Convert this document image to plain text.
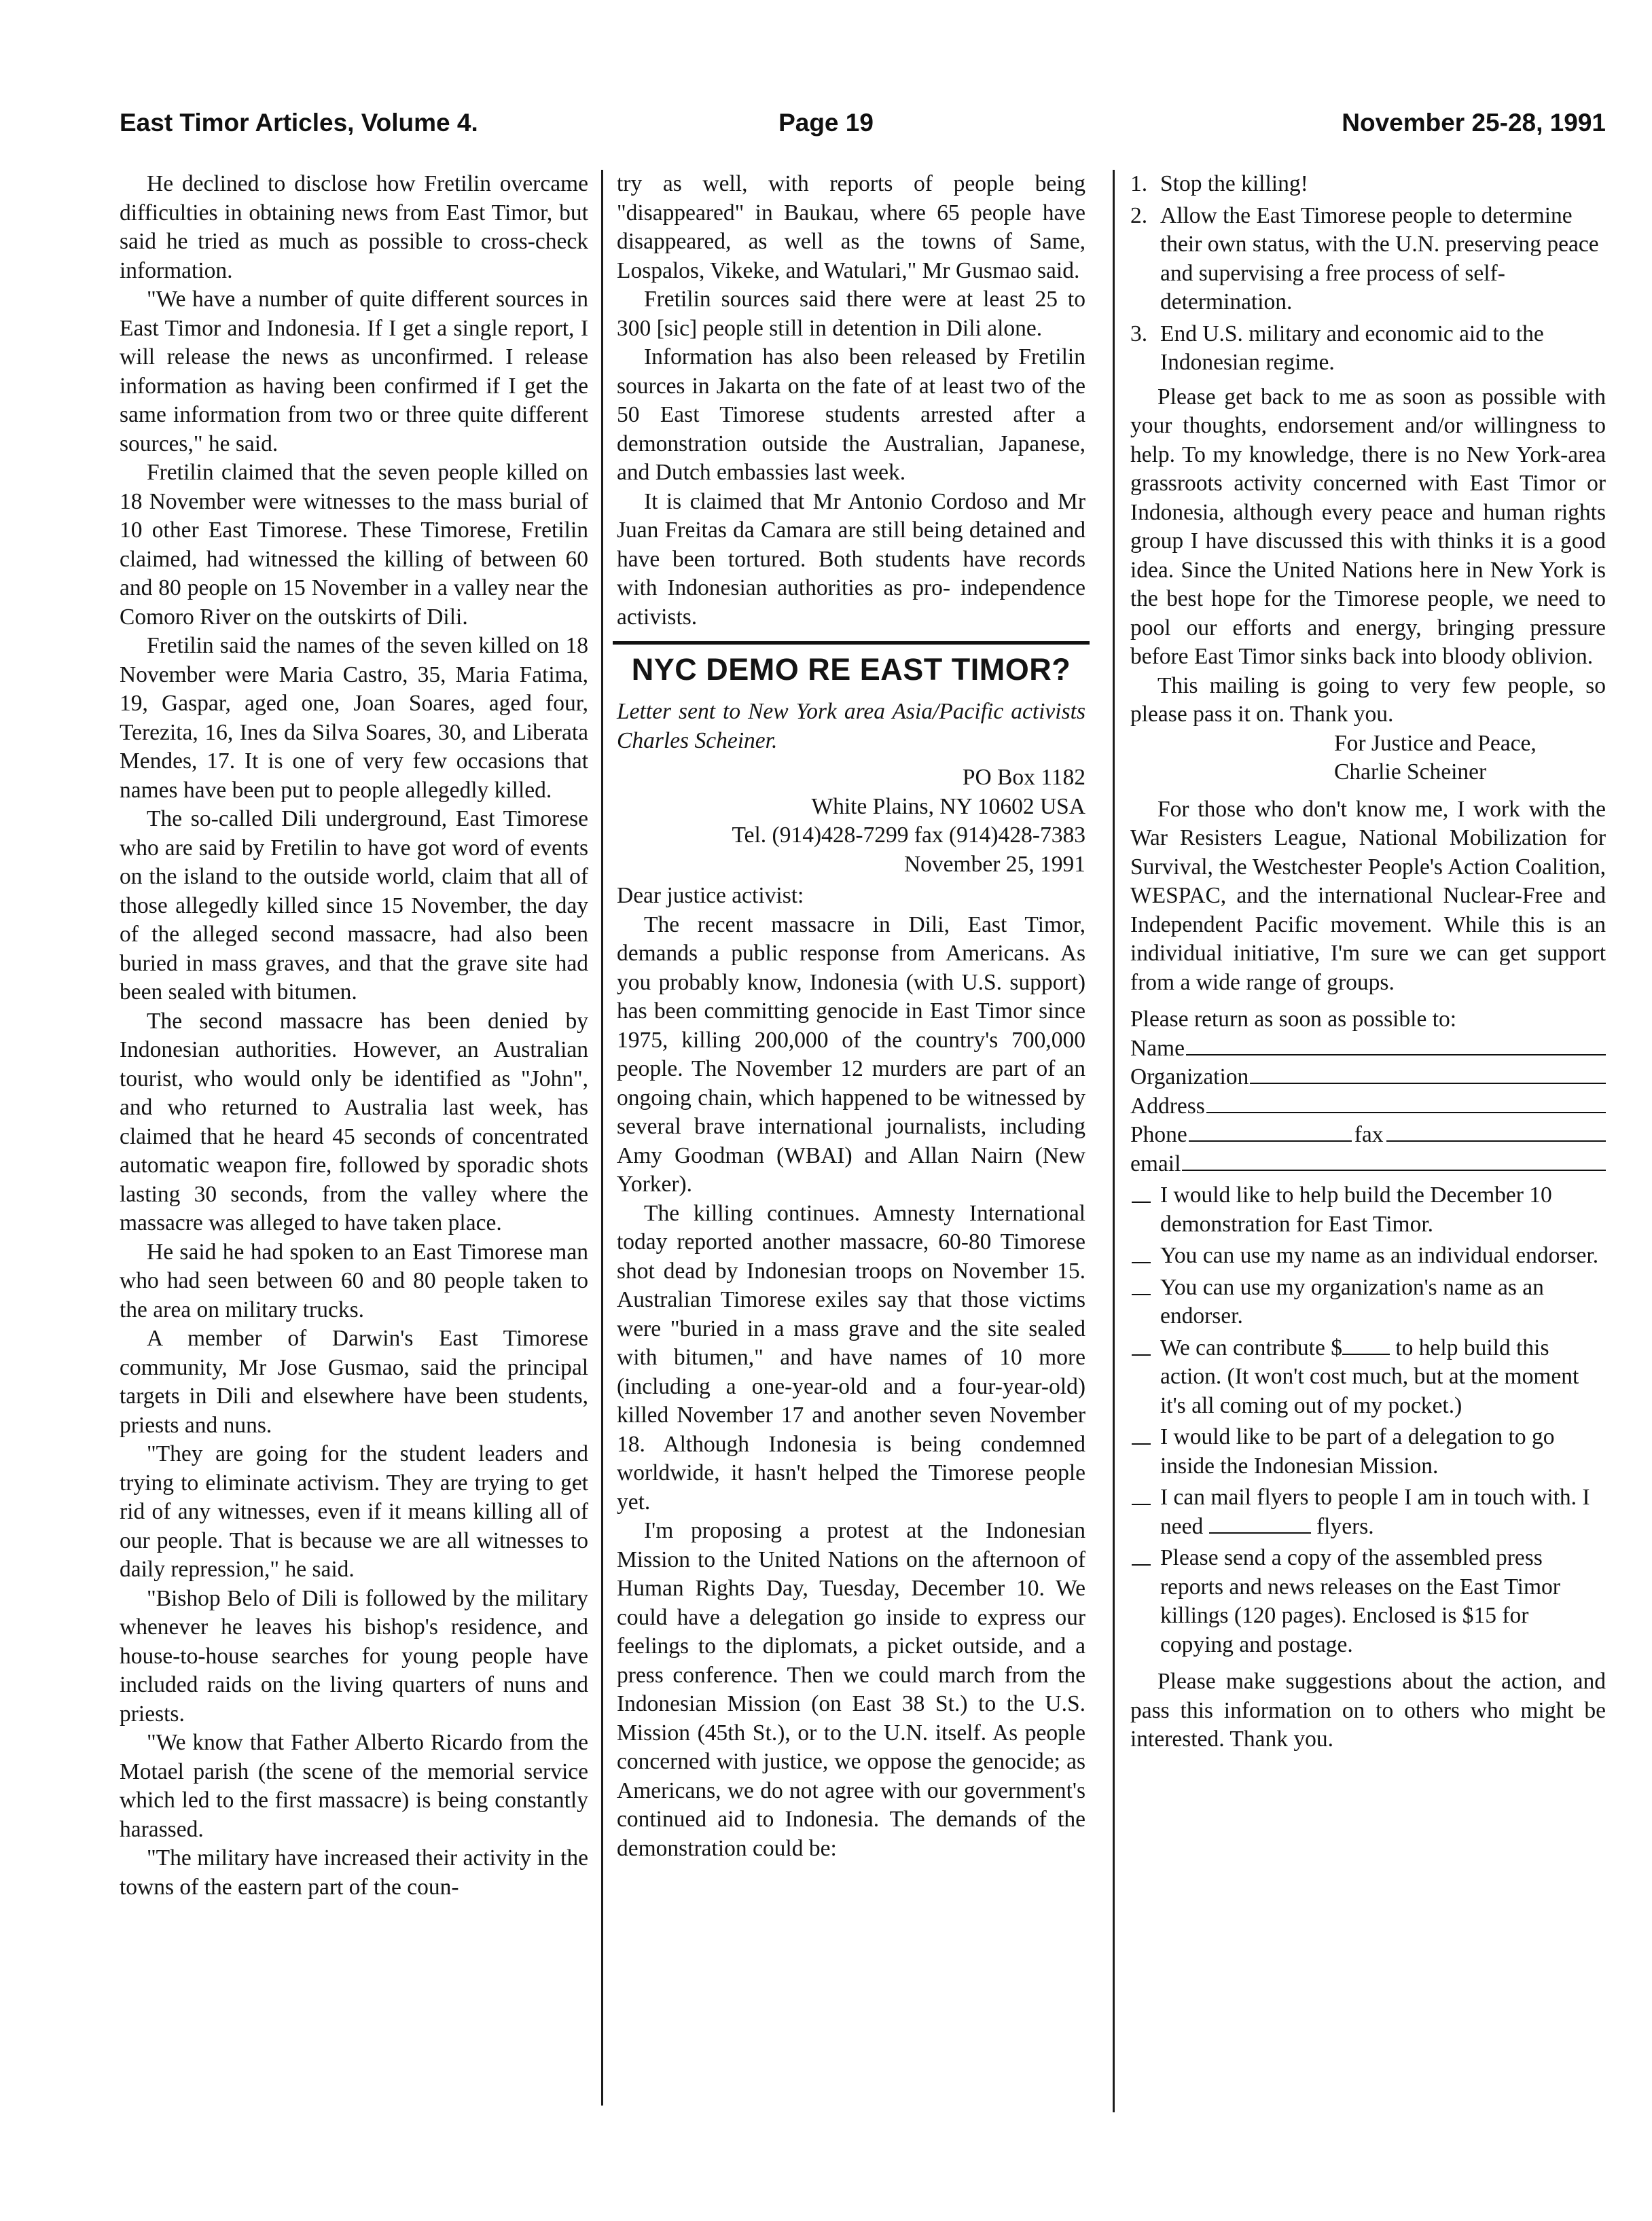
East Timor Articles, Volume 4.	Page 19	November 25-28, 1991

He declined to disclose how Fretilin overcame difficulties in obtaining news from East Timor, but said he tried as much as possible to cross-check information.

"We have a number of quite different sources in East Timor and Indonesia. If I get a single report, I will release the news as unconfirmed. I release information as having been confirmed if I get the same information from two or three quite different sources," he said.

Fretilin claimed that the seven people killed on 18 November were witnesses to the mass burial of 10 other East Timorese. These Timorese, Fretilin claimed, had witnessed the killing of between 60 and 80 people on 15 November in a valley near the Comoro River on the outskirts of Dili.

Fretilin said the names of the seven killed on 18 November were Maria Castro, 35, Maria Fatima, 19, Gaspar, aged one, Joan Soares, aged four, Terezita, 16, Ines da Silva Soares, 30, and Liberata Mendes, 17. It is one of very few occasions that names have been put to people allegedly killed.

The so-called Dili underground, East Timorese who are said by Fretilin to have got word of events on the island to the outside world, claim that all of those allegedly killed since 15 November, the day of the alleged second massacre, had also been buried in mass graves, and that the grave site had been sealed with bitumen.

The second massacre has been denied by Indonesian authorities. However, an Australian tourist, who would only be identified as "John", and who returned to Australia last week, has claimed that he heard 45 seconds of concentrated automatic weapon fire, followed by sporadic shots lasting 30 seconds, from the valley where the massacre was alleged to have taken place.

He said he had spoken to an East Timorese man who had seen between 60 and 80 people taken to the area on military trucks.

A member of Darwin's East Timorese community, Mr Jose Gusmao, said the principal targets in Dili and elsewhere have been students, priests and nuns.

"They are going for the student leaders and trying to eliminate activism. They are trying to get rid of any witnesses, even if it means killing all of our people. That is because we are all witnesses to daily repression," he said.

"Bishop Belo of Dili is followed by the military whenever he leaves his bishop's residence, and house-to-house searches for young people have included raids on the living quarters of nuns and priests.

"We know that Father Alberto Ricardo from the Motael parish (the scene of the memorial service which led to the first massacre) is being constantly harassed.

"The military have increased their activity in the towns of the eastern part of the coun-

try as well, with reports of people being "disappeared" in Baukau, where 65 people have disappeared, as well as the towns of Same, Lospalos, Vikeke, and Watulari," Mr Gusmao said.

Fretilin sources said there were at least 25 to 300 [sic] people still in detention in Dili alone.

Information has also been released by Fretilin sources in Jakarta on the fate of at least two of the 50 East Timorese students arrested after a demonstration outside the Australian, Japanese, and Dutch embassies last week.

It is claimed that Mr Antonio Cordoso and Mr Juan Freitas da Camara are still being detained and have been tortured. Both students have records with Indonesian authorities as pro- independence activists.

NYC DEMO RE EAST TIMOR?

Letter sent to New York area Asia/Pacific activists Charles Scheiner.

PO Box 1182

White Plains, NY 10602 USA

Tel. (914)428-7299 fax (914)428-7383

November 25, 1991

Dear justice activist:

The recent massacre in Dili, East Timor, demands a public response from Americans. As you probably know, Indonesia (with U.S. support) has been committing genocide in East Timor since 1975, killing 200,000 of the country's 700,000 people. The November 12 murders are part of an ongoing chain, which happened to be witnessed by several brave international journalists, including Amy Goodman (WBAI) and Allan Nairn (New Yorker).

The killing continues. Amnesty International today reported another massacre, 60-80 Timorese shot dead by Indonesian troops on November 15. Australian Timorese exiles say that those victims were "buried in a mass grave and the site sealed with bitumen," and have names of 10 more (including a one-year-old and a four-year-old) killed November 17 and another seven November 18. Although Indonesia is being condemned worldwide, it hasn't helped the Timorese people yet.

I'm proposing a protest at the Indonesian Mission to the United Nations on the afternoon of Human Rights Day, Tuesday, December 10. We could have a delegation go inside to express our feelings to the diplomats, a picket outside, and a press conference. Then we could march from the Indonesian Mission (on East 38 St.) to the U.S. Mission (45th St.), or to the U.N. itself. As people concerned with justice, we oppose the genocide; as Americans, we do not agree with our government's continued aid to Indonesia. The demands of the demonstration could be:

1. Stop the killing!
2. Allow the East Timorese people to determine their own status, with the U.N. preserving peace and supervising a free process of self-determination.
3. End U.S. military and economic aid to the Indonesian regime.

Please get back to me as soon as possible with your thoughts, endorsement and/or willingness to help. To my knowledge, there is no New York-area grassroots activity concerned with East Timor or Indonesia, although every peace and human rights group I have discussed this with thinks it is a good idea. Since the United Nations here in New York is the best hope for the Timorese people, we need to pool our efforts and energy, bringing pressure before East Timor sinks back into bloody oblivion.

This mailing is going to very few people, so please pass it on. Thank you.

For Justice and Peace,

Charlie Scheiner

For those who don't know me, I work with the War Resisters League, National Mobilization for Survival, the Westchester People's Action Coalition, WESPAC, and the international Nuclear-Free and Independent Pacific movement. While this is an individual initiative, I'm sure we can get support from a wide range of groups.

Please return as soon as possible to:

Name
Organization
Address
Phone	fax
email
I would like to help build the December 10 demonstration for East Timor.
You can use my name as an individual endorser.
You can use my organization's name as an endorser.
We can contribute $ to help build this action. (It won't cost much, but at the moment it's all coming out of my pocket.)
I would like to be part of a delegation to go inside the Indonesian Mission.
I can mail flyers to people I am in touch with. I need	flyers.
Please send a copy of the assembled press reports and news releases on the East Timor killings (120 pages). Enclosed is $15 for copying and postage.

Please make suggestions about the action, and pass this information on to others who might be interested. Thank you.
